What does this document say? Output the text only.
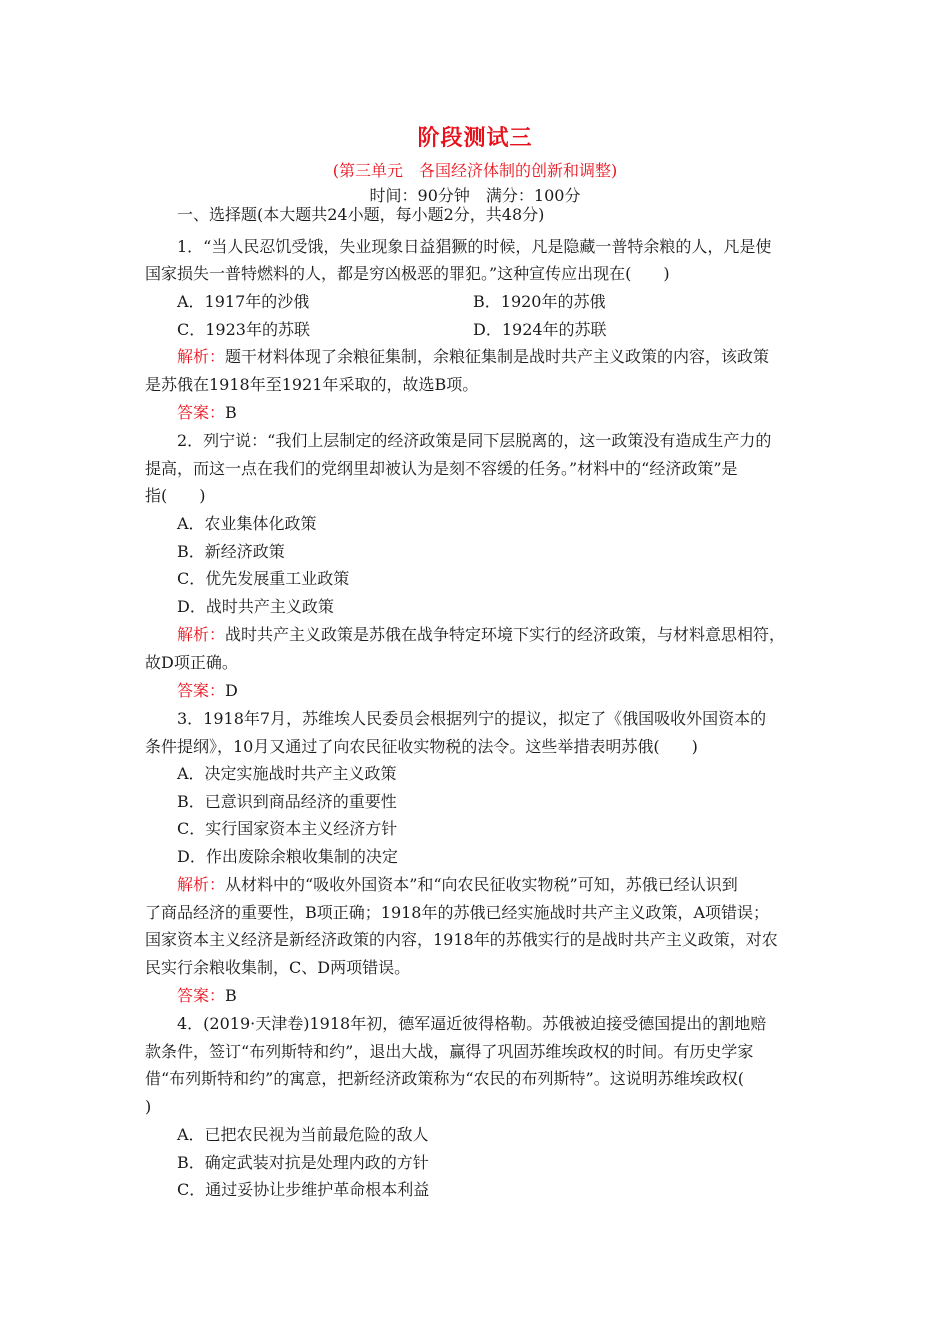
阶段测试三
(第三单元　各国经济体制的创新和调整)
时间：90分钟　满分：100分
一、选择题(本大题共24小题，每小题2分，共48分)
1．“当人民忍饥受饿，失业现象日益猖獗的时候，凡是隐藏一普特余粮的人，凡是使
国家损失一普特燃料的人，都是穷凶极恶的罪犯。”这种宣传应出现在(　　)
A．1917年的沙俄	B．1920年的苏俄
C．1923年的苏联	D．1924年的苏联
解析：题干材料体现了余粮征集制，余粮征集制是战时共产主义政策的内容，该政策
是苏俄在1918年至1921年采取的，故选B项。
答案：B
2．列宁说：“我们上层制定的经济政策是同下层脱离的，这一政策没有造成生产力的
提高，而这一点在我们的党纲里却被认为是刻不容缓的任务。”材料中的“经济政策”是
指(　　)
A．农业集体化政策
B．新经济政策
C．优先发展重工业政策
D．战时共产主义政策
解析：战时共产主义政策是苏俄在战争特定环境下实行的经济政策，与材料意思相符，
故D项正确。
答案：D
3．1918年7月，苏维埃人民委员会根据列宁的提议，拟定了《俄国吸收外国资本的
条件提纲》，10月又通过了向农民征收实物税的法令。这些举措表明苏俄(　　)
A．决定实施战时共产主义政策
B．已意识到商品经济的重要性
C．实行国家资本主义经济方针
D．作出废除余粮收集制的决定
解析：从材料中的“吸收外国资本”和“向农民征收实物税”可知，苏俄已经认识到
了商品经济的重要性，B项正确；1918年的苏俄已经实施战时共产主义政策，A项错误；
国家资本主义经济是新经济政策的内容，1918年的苏俄实行的是战时共产主义政策，对农
民实行余粮收集制，C、D两项错误。
答案：B
4．(2019·天津卷)1918年初，德军逼近彼得格勒。苏俄被迫接受德国提出的割地赔
款条件，签订“布列斯特和约”，退出大战，赢得了巩固苏维埃政权的时间。有历史学家
借“布列斯特和约”的寓意，把新经济政策称为“农民的布列斯特”。这说明苏维埃政权(
)
A．已把农民视为当前最危险的敌人
B．确定武装对抗是处理内政的方针
C．通过妥协让步维护革命根本利益
